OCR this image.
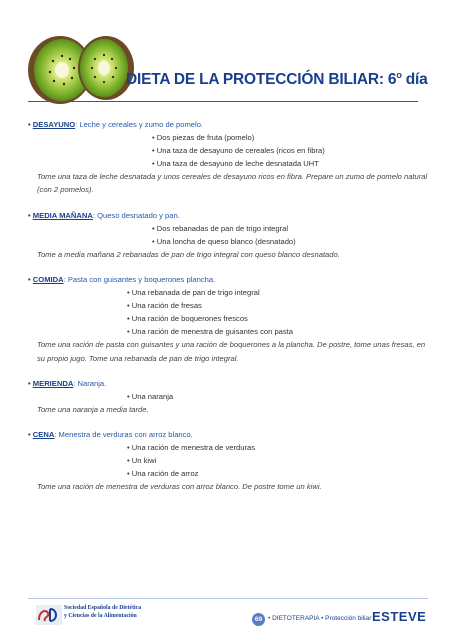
DIETA DE LA PROTECCIÓN BILIAR: 6$^o$ día
• DESAYUNO: Leche y cereales y zumo de pomelo.
• Dos piezas de fruta (pomelo)
• Una taza de desayuno de cereales (ricos en fibra)
• Una taza de desayuno de leche desnatada UHT
Tome una taza de leche desnatada y unos cereales de desayuno ricos en fibra. Prepare un zumo de pomelo natural (con 2 pomelos).
• MEDIA MAÑANA: Queso desnatado y pan.
• Dos rebanadas de pan de trigo integral
• Una loncha de queso blanco (desnatado)
Tome a media mañana 2 rebanadas de pan de trigo integral con queso blanco desnatado.
• COMIDA: Pasta con guisantes y boquerones plancha.
• Una rebanada de pan de trigo integral
• Una ración de fresas
• Una ración de boquerones frescos
• Una ración de menestra de guisantes con pasta
Tome una ración de pasta con guisantes y una ración de boquerones a la plancha. De postre, tome unas fresas, en su propio jugo. Tome una rebanada de pan de trigo integral.
• MERIENDA: Naranja.
• Una naranja
Tome una naranja a media tarde.
• CENA: Menestra de verduras con arroz blanco.
• Una ración de menestra de verduras
• Un kiwi
• Una ración de arroz
Tome una ración de menestra de verduras con arroz blanco. De postre tome un kiwi.
Sociedad Española de Dietética
y Ciencias de la Alimentación
69 • DIETOTERAPIA • Protección biliar ESTEVE
